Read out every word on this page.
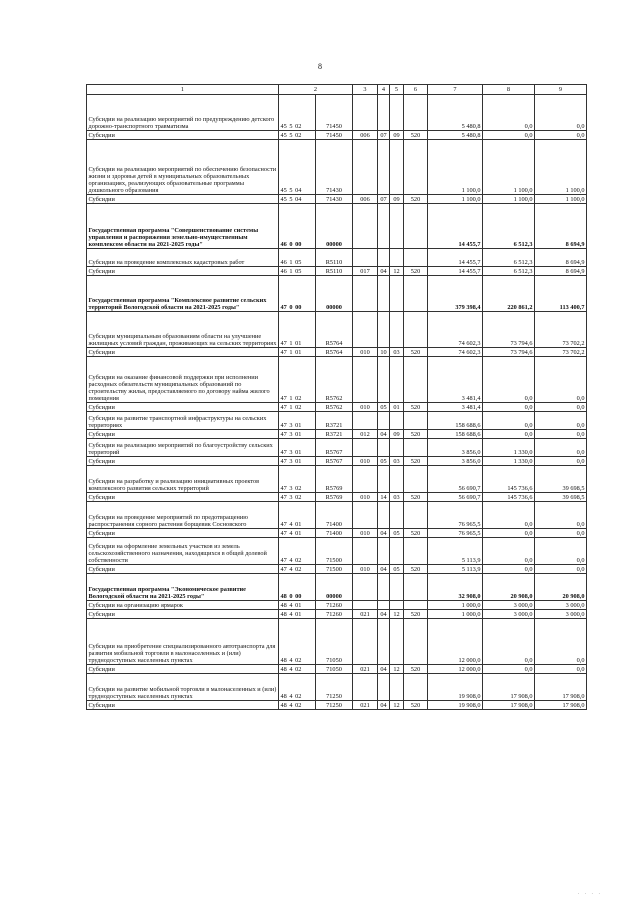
8
1	2		3	4	5	6	7	8	9
Субсидии на реализацию мероприятий по предупреждению детского дорожно-транспортного травматизма	45 5 02	71450					5 480,8	0,0	0,0
Субсидии	45 5 02	71450	006	07	09	520	5 480,8	0,0	0,0
Субсидии на реализацию мероприятий по обеспечению безопасности жизни и здоровья детей в муниципальных образовательных организациях, реализующих образовательные программы дошкольного образования	45 5 04	71430					1 100,0	1 100,0	1 100,0
Субсидии	45 5 04	71430	006	07	09	520	1 100,0	1 100,0	1 100,0
Государственная программа "Совершенствование системы управления и распоряжения земельно-имущественным комплексом области на 2021-2025 годы"	46 0 00	00000					14 455,7	6 512,3	8 694,9
Субсидии на проведение комплексных кадастровых работ	46 1 05	R5110					14 455,7	6 512,3	8 694,9
Субсидии	46 1 05	R5110	017	04	12	520	14 455,7	6 512,3	8 694,9
Государственная программа "Комплексное развитие сельских территорий Вологодской области на 2021-2025 годы"	47 0 00	00000					379 398,4	220 861,2	113 400,7
Субсидии муниципальным образованиям области на улучшение жилищных условий граждан, проживающих на сельских территориях	47 1 01	R5764					74 602,3	73 794,6	73 702,2
Субсидии	47 1 01	R5764	010	10	03	520	74 602,3	73 794,6	73 702,2
Субсидии на оказание финансовой поддержки при исполнении расходных обязательств муниципальных образований по строительству жилья, предоставляемого по договору найма жилого помещения	47 1 02	R5762					3 481,4	0,0	0,0
Субсидии	47 1 02	R5762	010	05	01	520	3 481,4	0,0	0,0
Субсидии на развитие транспортной инфраструктуры на сельских территориях	47 3 01	R3721					158 688,6	0,0	0,0
Субсидии	47 3 01	R3721	012	04	09	520	158 688,6	0,0	0,0
Субсидии на реализацию мероприятий по благоустройству сельских территорий	47 3 01	R5767					3 856,0	1 330,0	0,0
Субсидии	47 3 01	R5767	010	05	03	520	3 856,0	1 330,0	0,0
Субсидии на разработку и реализацию инициативных проектов комплексного развития сельских территорий	47 3 02	R5769					56 690,7	145 736,6	39 698,5
Субсидии	47 3 02	R5769	010	14	03	520	56 690,7	145 736,6	39 698,5
Субсидии на проведение мероприятий по предотвращению распространения сорного растения борщевик Сосновского	47 4 01	71400					76 965,5	0,0	0,0
Субсидии	47 4 01	71400	010	04	05	520	76 965,5	0,0	0,0
Субсидии на оформление земельных участков из земель сельскохозяйственного назначения, находящихся в общей долевой собственности	47 4 02	71500					5 113,9	0,0	0,0
Субсидии	47 4 02	71500	010	04	05	520	5 113,9	0,0	0,0
Государственная программа "Экономическое развитие Вологодской области на 2021-2025 годы"	48 0 00	00000					32 908,0	20 908,0	20 908,0
Субсидии на организацию ярмарок	48 4 01	71260					1 000,0	3 000,0	3 000,0
Субсидии	48 4 01	71260	021	04	12	520	1 000,0	3 000,0	3 000,0
Субсидии на приобретение специализированного автотранспорта для развития мобильной торговли в малонаселенных и (или) труднодоступных населенных пунктах	48 4 02	71050					12 000,0	0,0	0,0
Субсидии	48 4 02	71050	021	04	12	520	12 000,0	0,0	0,0
Субсидии на развитие мобильной торговли в малонаселенных и (или) труднодоступных населенных пунктах	48 4 02	71250					19 908,0	17 908,0	17 908,0
Субсидии	48 4 02	71250	021	04	12	520	19 908,0	17 908,0	17 908,0
· · · ·
